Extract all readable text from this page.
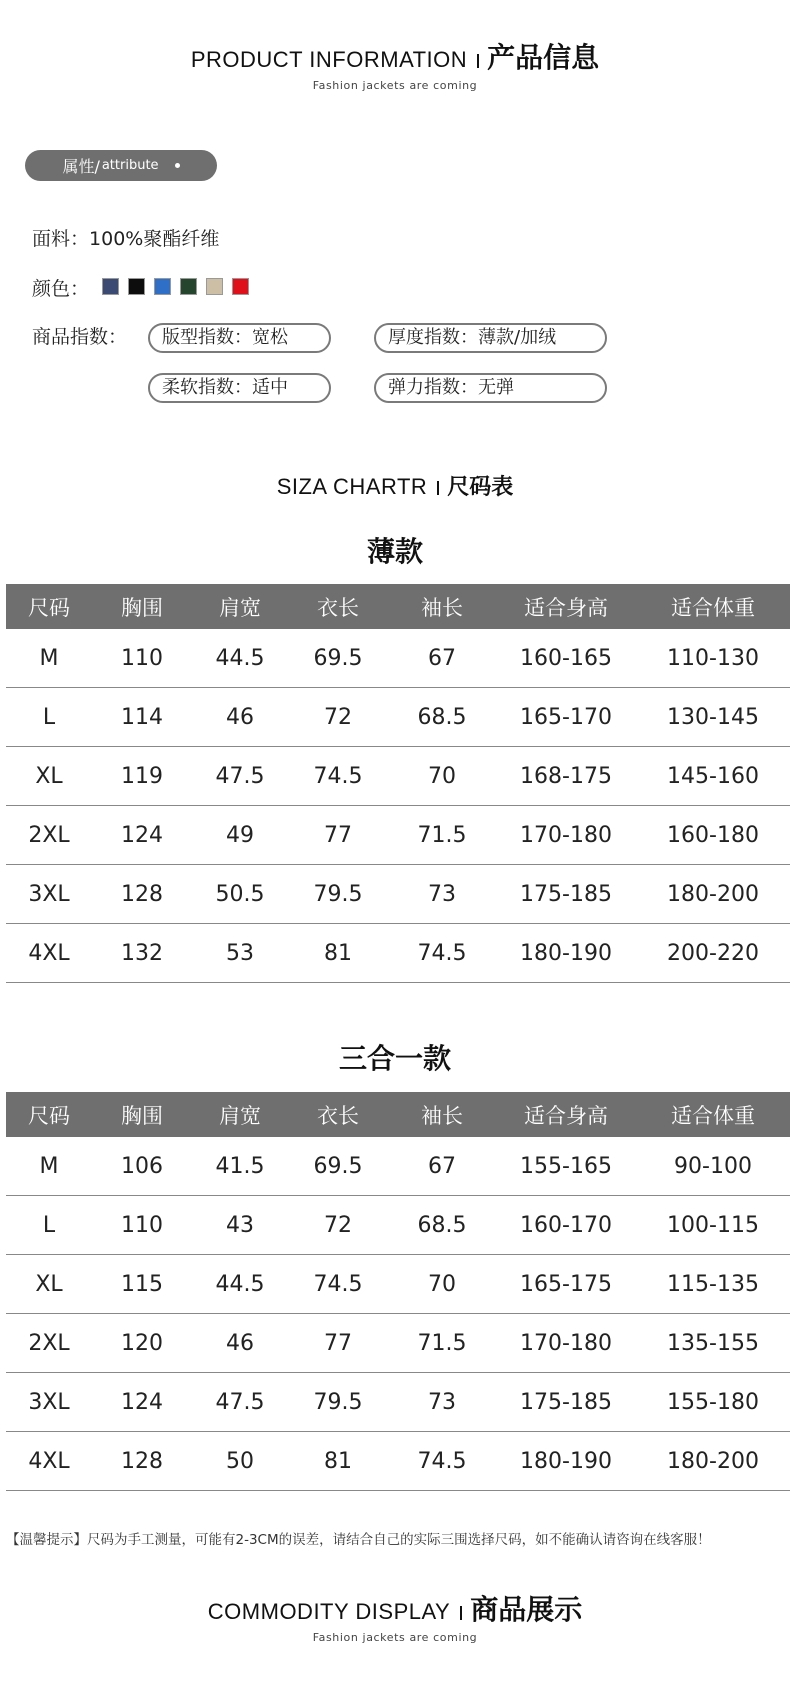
PRODUCT INFORMATION 产品信息
Fashion jackets are coming
属性/ attribute
面料：100%聚酯纤维
颜色：
商品指数：	版型指数：宽松	厚度指数：薄款/加绒
柔软指数：适中	弹力指数：无弹
SIZA CHARTR 尺码表
薄款
尺码	胸围	肩宽	衣长	袖长	适合身高	适合体重
M	110	44.5	69.5	67	160-165	110-130
L	114	46	72	68.5	165-170	130-145
XL	119	47.5	74.5	70	168-175	145-160
2XL	124	49	77	71.5	170-180	160-180
3XL	128	50.5	79.5	73	175-185	180-200
4XL	132	53	81	74.5	180-190	200-220
三合一款
尺码	胸围	肩宽	衣长	袖长	适合身高	适合体重
M	106	41.5	69.5	67	155-165	90-100
L	110	43	72	68.5	160-170	100-115
XL	115	44.5	74.5	70	165-175	115-135
2XL	120	46	77	71.5	170-180	135-155
3XL	124	47.5	79.5	73	175-185	155-180
4XL	128	50	81	74.5	180-190	180-200
【温馨提示】尺码为手工测量，可能有2-3CM的误差，请结合自己的实际三围选择尺码，如不能确认请咨询在线客服！
COMMODITY DISPLAY 商品展示
Fashion jackets are coming
